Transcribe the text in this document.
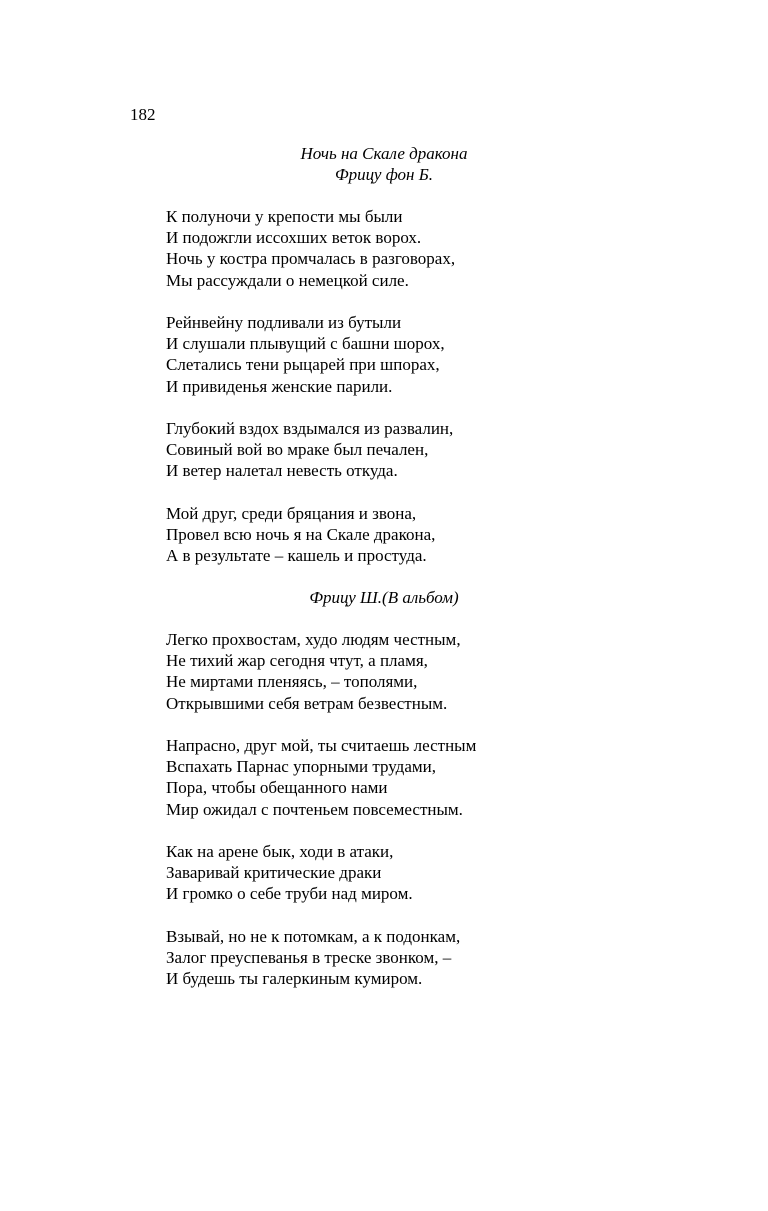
182
Ночь на Скале дракона
Фрицу фон Б.
К полуночи у крепости мы были
И подожгли иссохших веток ворох.
Ночь у костра промчалась в разговорах,
Мы рассуждали о немецкой силе.
Рейнвейну подливали из бутыли
И слушали плывущий с башни шорох,
Слетались тени рыцарей при шпорах,
И привиденья женские парили.
Глубокий вздох вздымался из развалин,
Совиный вой во мраке был печален,
И ветер налетал невесть откуда.
Мой друг, среди бряцания и звона,
Провел всю ночь я на Скале дракона,
А в результате – кашель и простуда.
Фрицу Ш.(В альбом)
Легко прохвостам, худо людям честным,
Не тихий жар сегодня чтут, а пламя,
Не миртами пленяясь, – тополями,
Открывшими себя ветрам безвестным.
Напрасно, друг мой, ты считаешь лестным
Вспахать Парнас упорными трудами,
Пора, чтобы обещанного нами
Мир ожидал с почтеньем повсеместным.
Как на арене бык, ходи в атаки,
Заваривай критические драки
И громко о себе труби над миром.
Взывай, но не к потомкам, а к подонкам,
Залог преуспеванья в треске звонком, –
И будешь ты галеркиным кумиром.
